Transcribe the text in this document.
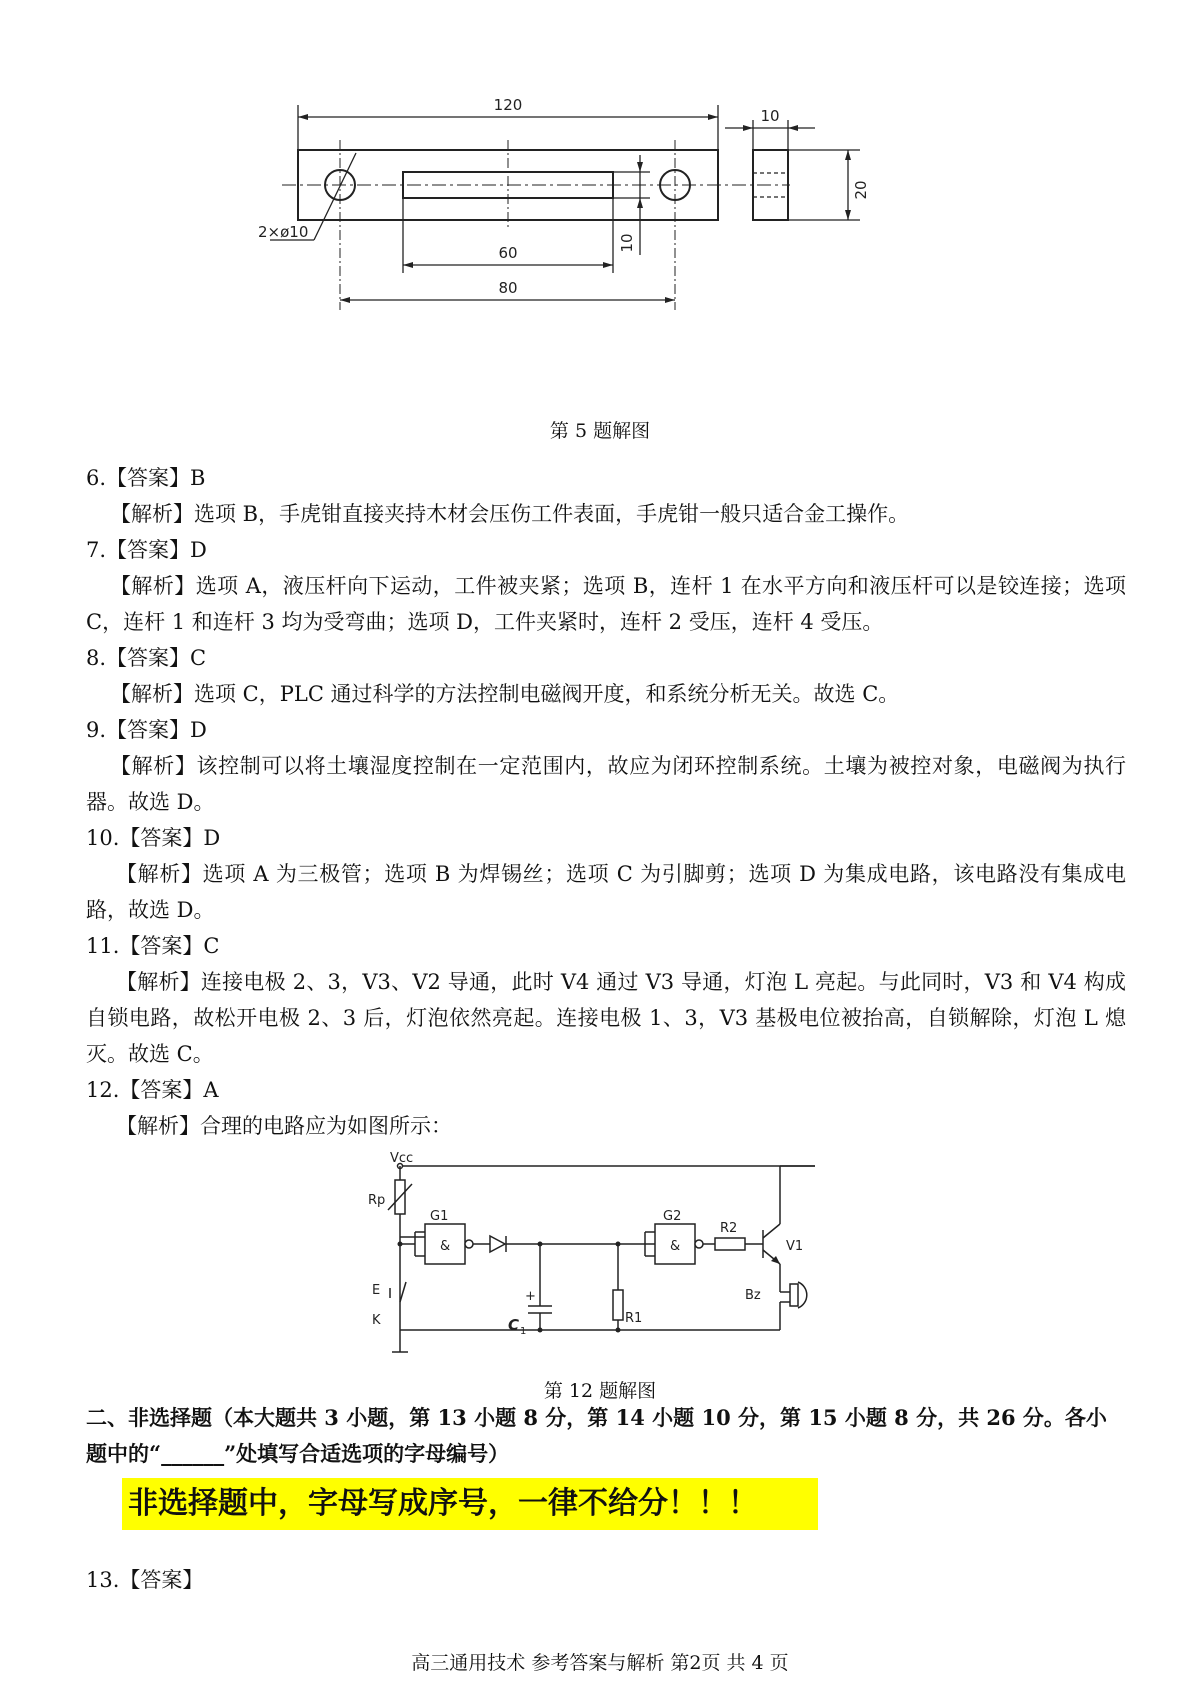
120
10
20
2×ø10
60
80
10
第 5 题解图
6.【答案】B
【解析】选项 B，手虎钳直接夹持木材会压伤工件表面，手虎钳一般只适合金工操作。
7.【答案】D
【解析】选项 A，液压杆向下运动，工件被夹紧；选项 B，连杆 1 在水平方向和液压杆可以是铰连接；选项 C，连杆 1 和连杆 3 均为受弯曲；选项 D，工件夹紧时，连杆 2 受压，连杆 4 受压。
8.【答案】C
【解析】选项 C，PLC 通过科学的方法控制电磁阀开度，和系统分析无关。故选 C。
9.【答案】D
【解析】该控制可以将土壤湿度控制在一定范围内，故应为闭环控制系统。土壤为被控对象，电磁阀为执行器。故选 D。
10.【答案】D
【解析】选项 A 为三极管；选项 B 为焊锡丝；选项 C 为引脚剪；选项 D 为集成电路，该电路没有集成电路，故选 D。
11.【答案】C
【解析】连接电极 2、3，V3、V2 导通，此时 V4 通过 V3 导通，灯泡 L 亮起。与此同时，V3 和 V4 构成自锁电路，故松开电极 2、3 后，灯泡依然亮起。连接电极 1、3，V3 基极电位被抬高，自锁解除，灯泡 L 熄灭。故选 C。
12.【答案】A
【解析】合理的电路应为如图所示：
Vcc
Rp
G1
&
G2
&
R2
V1
Bz
K
E	+
C 1
R1
第 12 题解图
二、非选择题（本大题共 3 小题，第 13 小题 8 分，第 14 小题 10 分，第 15 小题 8 分，共 26 分。各小题中的“______”处填写合适选项的字母编号）
非选择题中，字母写成序号，一律不给分！！！
13.【答案】
高三通用技术 参考答案与解析 第2页 共 4 页
